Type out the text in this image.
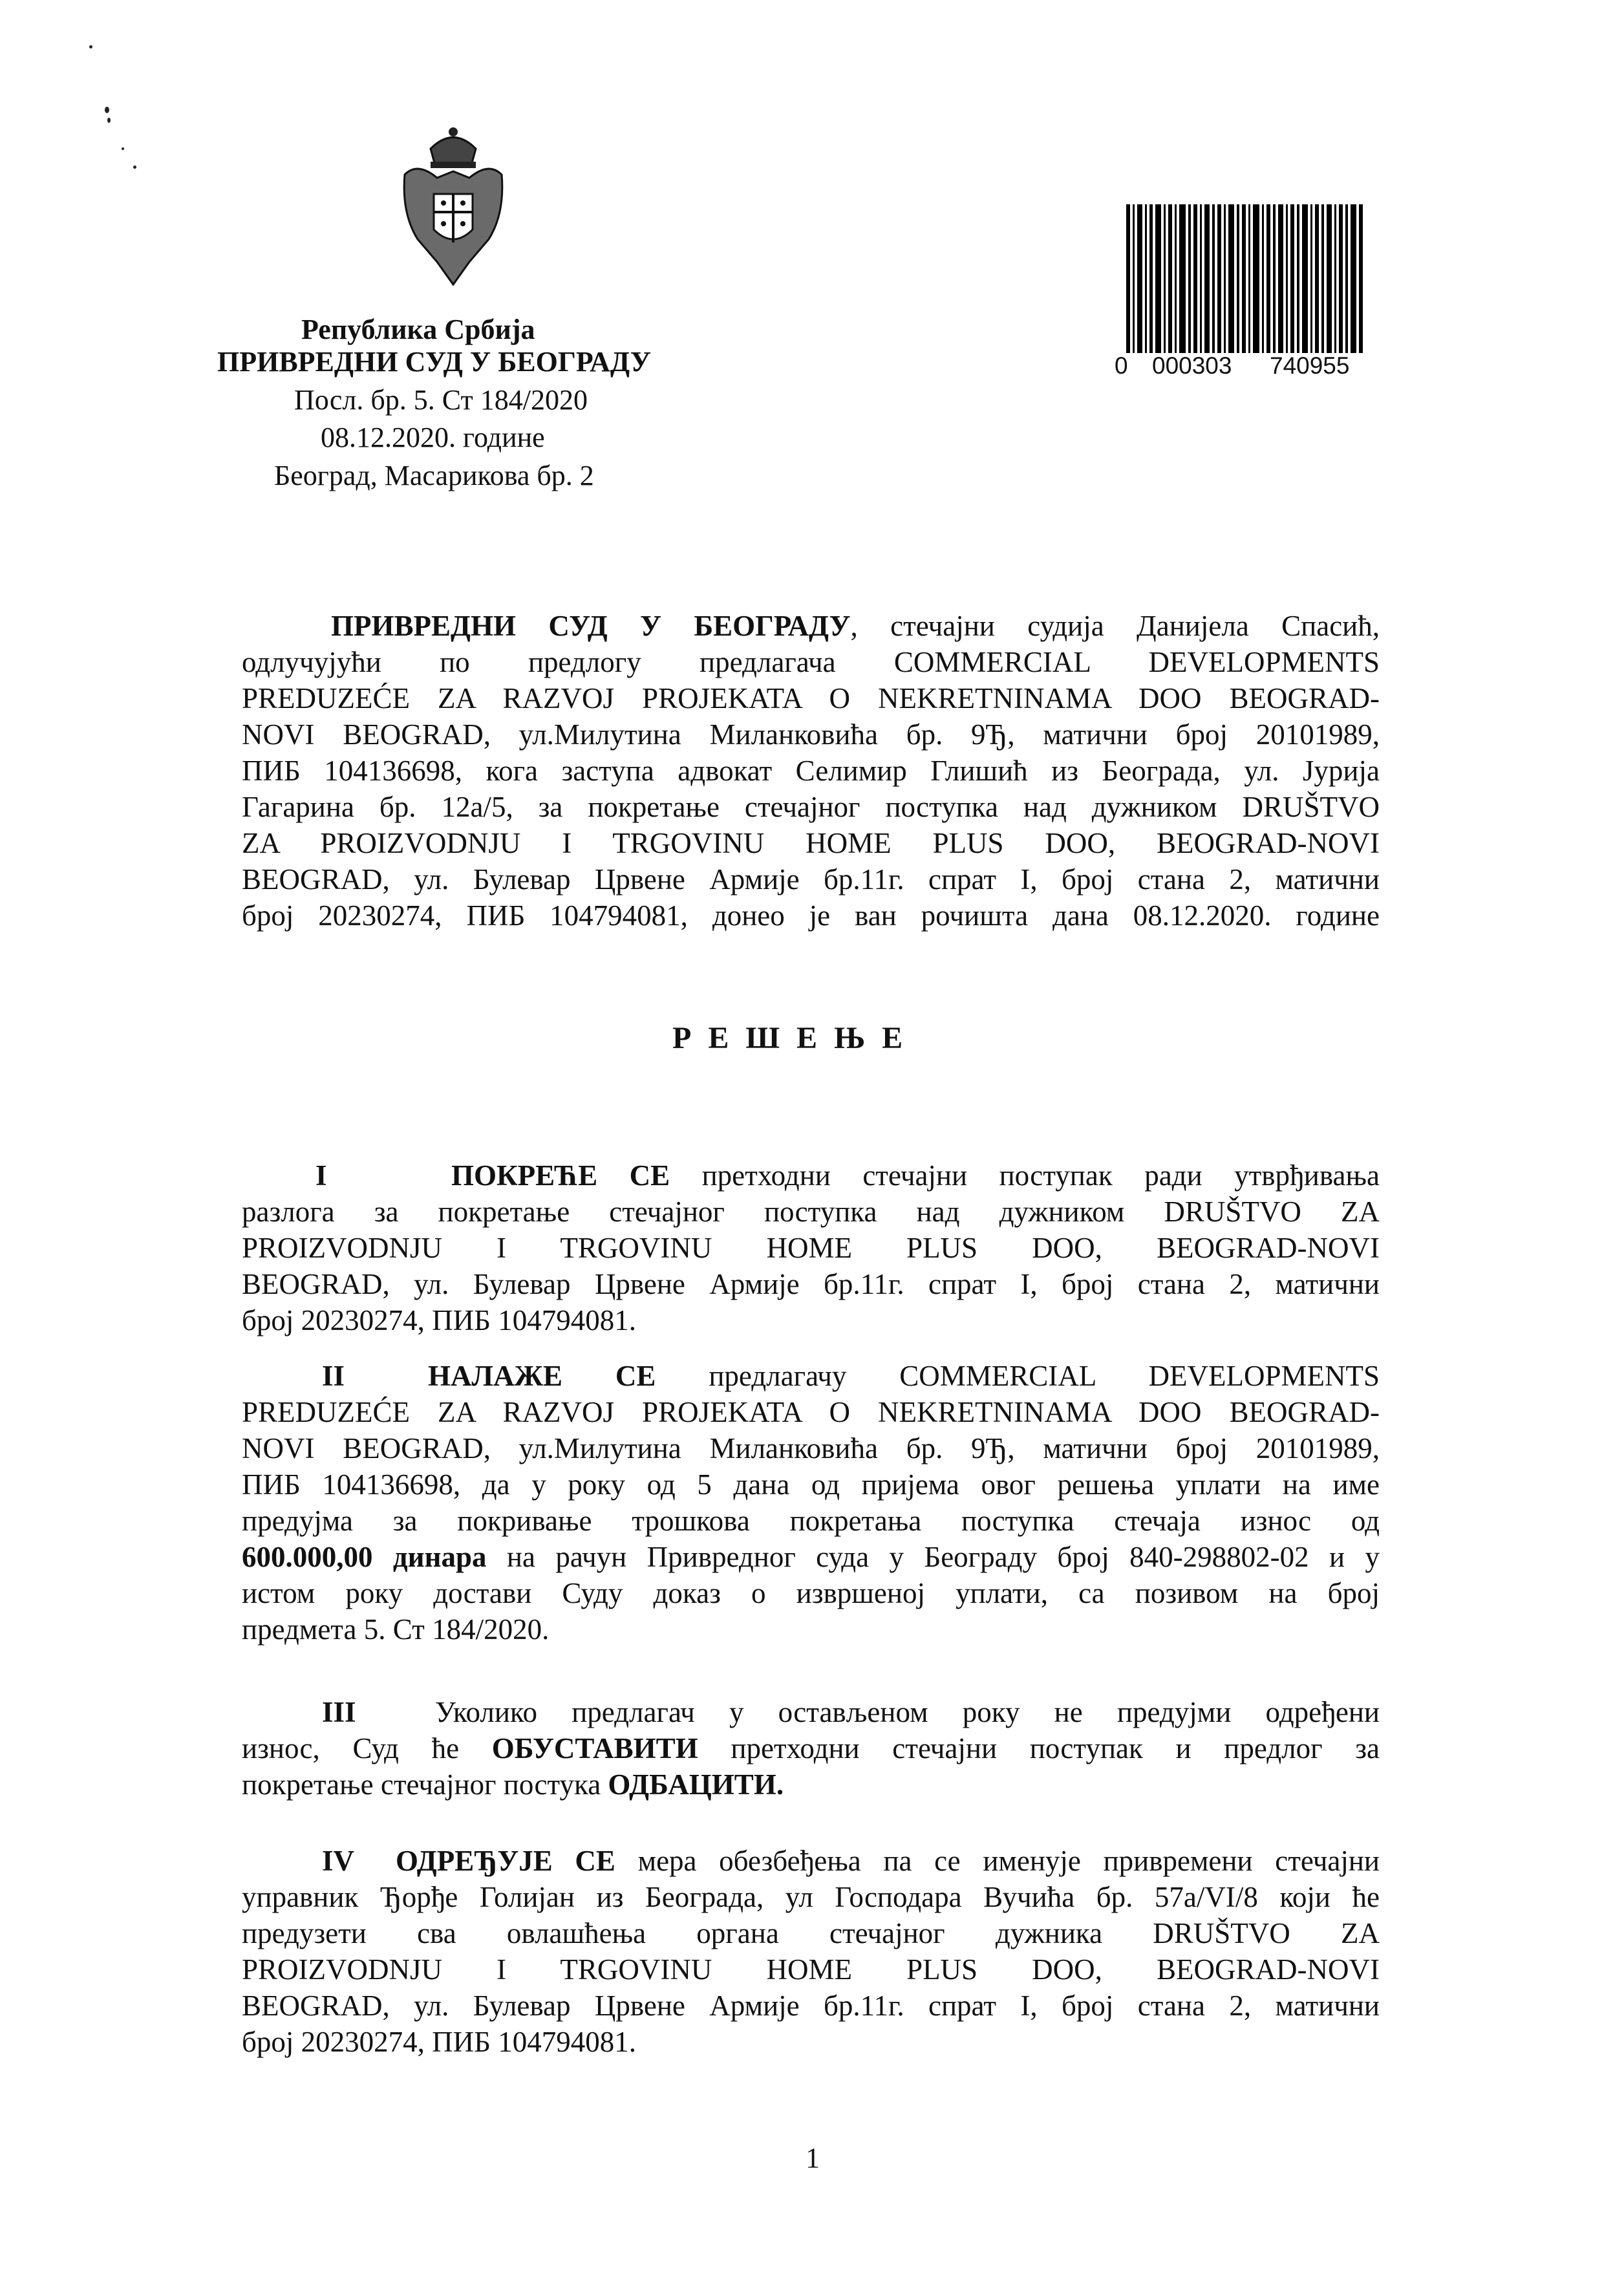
0 000303 740955
Република Србија
ПРИВРЕДНИ СУД У БЕОГРАДУ
Посл. бр. 5. Ст 184/2020
08.12.2020. године
Београд, Масарикова бр. 2
ПРИВРЕДНИ СУД У БЕОГРАДУ, стечајни судија Данијела Спасић,
одлучујући по предлогу предлагача COMMERCIAL DEVELOPMENTS
PREDUZEĆE ZA RAZVOJ PROJEKATA O NEKRETNINAMA DOO BEOGRAD-
NOVI BEOGRAD, ул.Милутина Миланковића бр. 9Ђ, матични број 20101989,
ПИБ 104136698, кога заступа адвокат Селимир Глишић из Београда, ул. Јурија
Гагарина бр. 12а/5, за покретање стечајног поступка над дужником DRUŠTVO
ZA PROIZVODNJU I TRGOVINU HOME PLUS DOO, BEOGRAD-NOVI
BEOGRAD, ул. Булевар Црвене Армије бр.11г. спрат I, број стана 2, матични
број 20230274, ПИБ 104794081, донео је ван рочишта дана 08.12.2020. године
РЕШЕЊЕ
I	ПОКРЕЋЕ СЕ претходни стечајни поступак ради утврђивања
разлога за покретање стечајног поступка над дужником DRUŠTVO ZA
PROIZVODNJU I TRGOVINU HOME PLUS DOO, BEOGRAD-NOVI
BEOGRAD, ул. Булевар Црвене Армије бр.11г. спрат I, број стана 2, матични
број 20230274, ПИБ 104794081.
II	НАЛАЖЕ СЕ предлагачу COMMERCIAL DEVELOPMENTS
PREDUZEĆE ZA RAZVOJ PROJEKATA O NEKRETNINAMA DOO BEOGRAD-
NOVI BEOGRAD, ул.Милутина Миланковића бр. 9Ђ, матични број 20101989,
ПИБ 104136698, да у року од 5 дана од пријема овог решења уплати на име
предујма за покривање трошкова покретања поступка стечаја износ од
600.000,00 динара на рачун Привредног суда у Београду број 840-298802-02 и у
истом року достави Суду доказ о извршеној уплати, са позивом на број
предмета 5. Ст 184/2020.
III	Уколико предлагач у остављеном року не предујми одређени
износ, Суд ће ОБУСТАВИТИ претходни стечајни поступак и предлог за
покретање стечајног постука ОДБАЦИТИ.
IV ОДРЕЂУЈЕ СЕ мера обезбеђења па се именује привремени стечајни
управник Ђорђе Голијан из Београда, ул Господара Вучића бр. 57а/VI/8 који ће
предузети сва овлашћења органа стечајног дужника DRUŠTVO ZA
PROIZVODNJU I TRGOVINU HOME PLUS DOO, BEOGRAD-NOVI
BEOGRAD, ул. Булевар Црвене Армије бр.11г. спрат I, број стана 2, матични
број 20230274, ПИБ 104794081.
1
